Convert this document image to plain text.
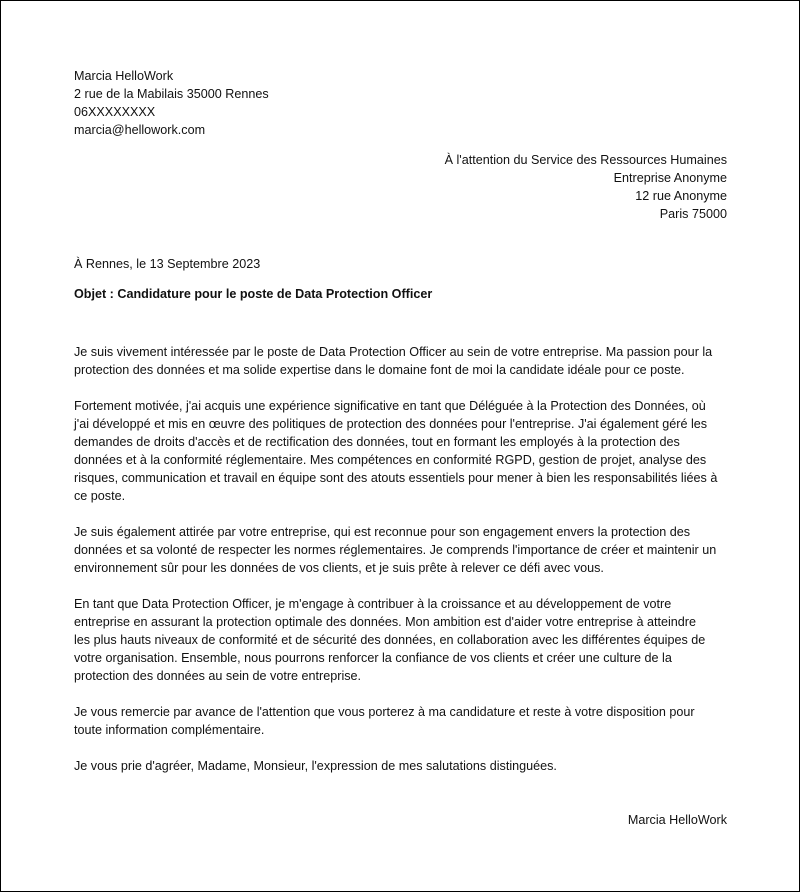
Marcia HelloWork
2 rue de la Mabilais 35000 Rennes
06XXXXXXXX
marcia@hellowork.com
À l'attention du Service des Ressources Humaines
Entreprise Anonyme
12 rue Anonyme
Paris 75000
À Rennes, le 13 Septembre 2023
Objet : Candidature pour le poste de Data Protection Officer
Je suis vivement intéressée par le poste de Data Protection Officer au sein de votre entreprise. Ma passion pour la
protection des données et ma solide expertise dans le domaine font de moi la candidate idéale pour ce poste.
Fortement motivée, j'ai acquis une expérience significative en tant que Déléguée à la Protection des Données, où
j'ai développé et mis en œuvre des politiques de protection des données pour l'entreprise. J'ai également géré les
demandes de droits d'accès et de rectification des données, tout en formant les employés à la protection des
données et à la conformité réglementaire. Mes compétences en conformité RGPD, gestion de projet, analyse des
risques, communication et travail en équipe sont des atouts essentiels pour mener à bien les responsabilités liées à
ce poste.
Je suis également attirée par votre entreprise, qui est reconnue pour son engagement envers la protection des
données et sa volonté de respecter les normes réglementaires. Je comprends l'importance de créer et maintenir un
environnement sûr pour les données de vos clients, et je suis prête à relever ce défi avec vous.
En tant que Data Protection Officer, je m'engage à contribuer à la croissance et au développement de votre
entreprise en assurant la protection optimale des données. Mon ambition est d'aider votre entreprise à atteindre
les plus hauts niveaux de conformité et de sécurité des données, en collaboration avec les différentes équipes de
votre organisation. Ensemble, nous pourrons renforcer la confiance de vos clients et créer une culture de la
protection des données au sein de votre entreprise.
Je vous remercie par avance de l'attention que vous porterez à ma candidature et reste à votre disposition pour
toute information complémentaire.
Je vous prie d'agréer, Madame, Monsieur, l'expression de mes salutations distinguées.
Marcia HelloWork
